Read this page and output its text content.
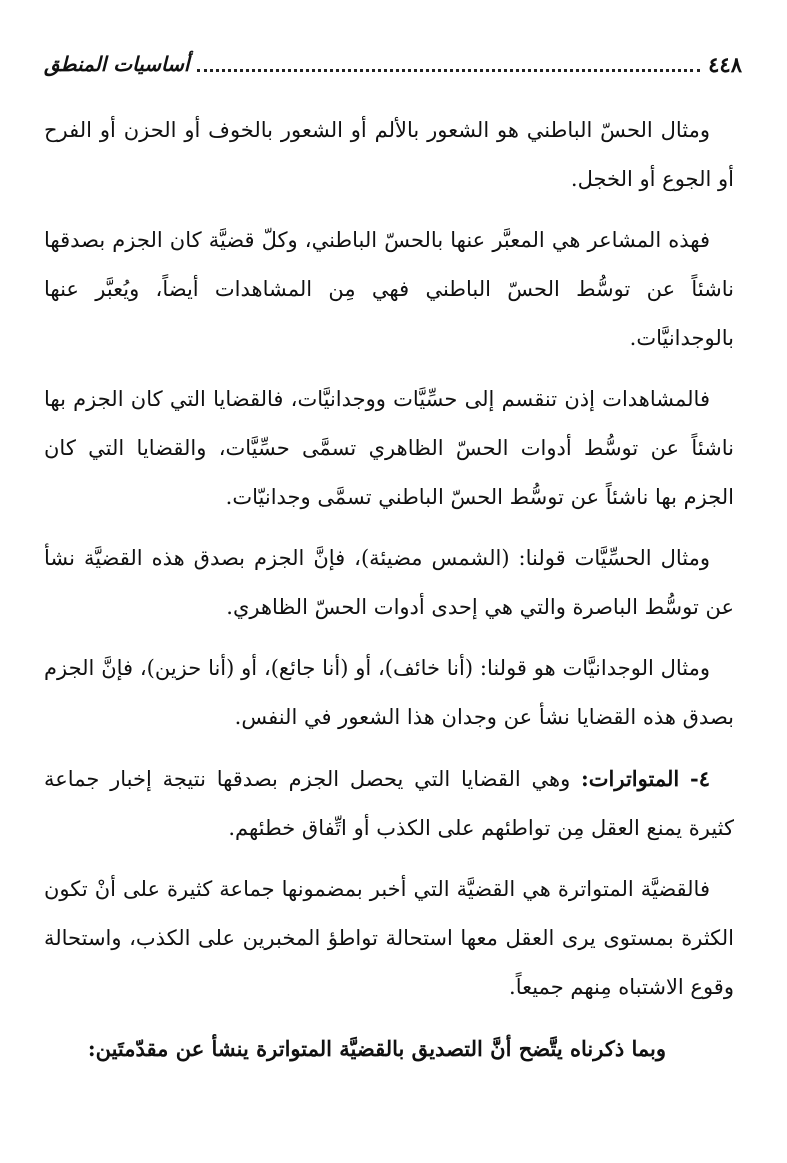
٤٤٨
أساسيات المنطق

ومثال الحسّ الباطني هو الشعور بالألم أو الشعور بالخوف أو الحزن أو الفرح أو الجوع أو الخجل.

فهذه المشاعر هي المعبَّر عنها بالحسّ الباطني، وكلّ قضيَّة كان الجزم بصدقها ناشئاً عن توسُّط الحسّ الباطني فهي مِن المشاهدات أيضاً، ويُعبَّر عنها بالوجدانيَّات.

فالمشاهدات إذن تنقسم إلى حسِّيَّات ووجدانيَّات، فالقضايا التي كان الجزم بها ناشئاً عن توسُّط أدوات الحسّ الظاهري تسمَّى حسِّيَّات، والقضايا التي كان الجزم بها ناشئاً عن توسُّط الحسّ الباطني تسمَّى وجدانيّات.

ومثال الحسِّيَّات قولنا: (الشمس مضيئة)، فإنَّ الجزم بصدق هذه القضيَّة نشأ عن توسُّط الباصرة والتي هي إحدى أدوات الحسّ الظاهري.

ومثال الوجدانيَّات هو قولنا: (أنا خائف)، أو (أنا جائع)، أو (أنا حزين)، فإنَّ الجزم بصدق هذه القضايا نشأ عن وجدان هذا الشعور في النفس.

٤- المتواترات: وهي القضايا التي يحصل الجزم بصدقها نتيجة إخبار جماعة كثيرة يمنع العقل مِن تواطئهم على الكذب أو اتِّفاق خطئهم.

فالقضيَّة المتواترة هي القضيَّة التي أخبر بمضمونها جماعة كثيرة على أنْ تكون الكثرة بمستوى يرى العقل معها استحالة تواطؤ المخبرين على الكذب، واستحالة وقوع الاشتباه مِنهم جميعاً.

وبما ذكرناه يتَّضح أنَّ التصديق بالقضيَّة المتواترة ينشأ عن مقدّمتَين:
